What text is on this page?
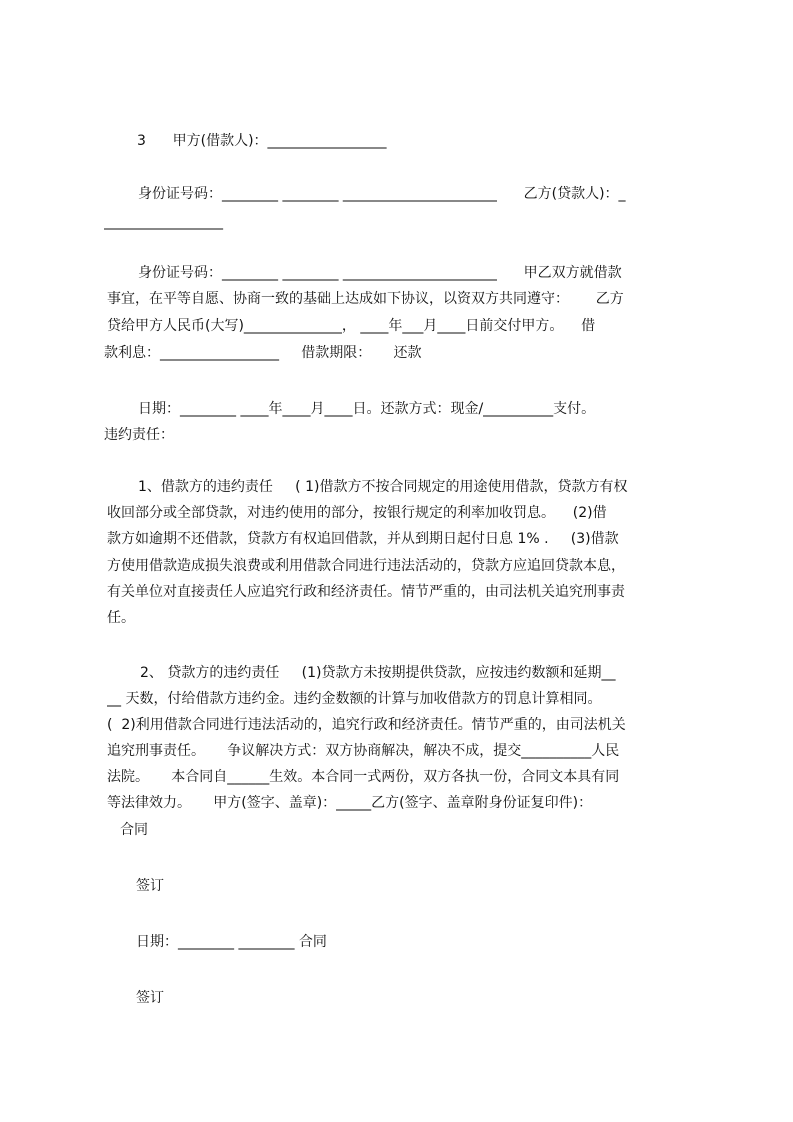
3      甲方(借款人)：_________________
身份证号码：________ ________ ______________________      乙方(贷款人)：_
_________________
身份证号码：________ ________ ______________________      甲乙双方就借款
事宜，在平等自愿、协商一致的基础上达成如下协议，以资双方共同遵守：      乙方
贷给甲方人民币(大写)______________， ____年___月____日前交付甲方。    借
款利息：_________________     借款期限：     还款
日期：________ ____年____月____日。还款方式：现金/__________支付。
违约责任：
1、借款方的违约责任     ( 1)借款方不按合同规定的用途使用借款，贷款方有权
收回部分或全部贷款，对违约使用的部分，按银行规定的利率加收罚息。    (2)借
款方如逾期不还借款，贷款方有权追回借款，并从到期日起付日息 1% .     (3)借款
方使用借款造成损失浪费或利用借款合同进行违法活动的，贷款方应追回贷款本息，
有关单位对直接责任人应追究行政和经济责任。情节严重的，由司法机关追究刑事责
任。
2、 贷款方的违约责任     (1)贷款方未按期提供贷款，应按违约数额和延期__
__ 天数，付给借款方违约金。违约金数额的计算与加收借款方的罚息计算相同。
(  2)利用借款合同进行违法活动的，追究行政和经济责任。情节严重的，由司法机关
追究刑事责任。     争议解决方式：双方协商解决，解决不成，提交__________人民
法院。     本合同自______生效。本合同一式两份，双方各执一份，合同文本具有同
等法律效力。     甲方(签字、盖章)：_____乙方(签字、盖章附身份证复印件)：
合同
签订
日期：________ ________ 合同
签订
